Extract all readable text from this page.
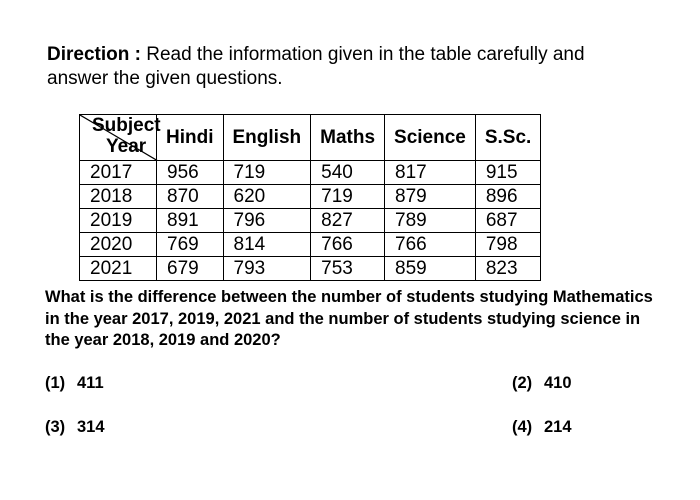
Direction : Read the information given in the table carefully and answer the given questions.
Subject
Year	Hindi	English	Maths	Science	S.Sc.
2017	956	719	540	817	915
2018	870	620	719	879	896
2019	891	796	827	789	687
2020	769	814	766	766	798
2021	679	793	753	859	823
What is the difference between the number of students studying Mathematics in the year 2017, 2019, 2021 and the number of students studying science in the year 2018, 2019 and 2020?
(1) 411	(2) 410
(3) 314	(4) 214
